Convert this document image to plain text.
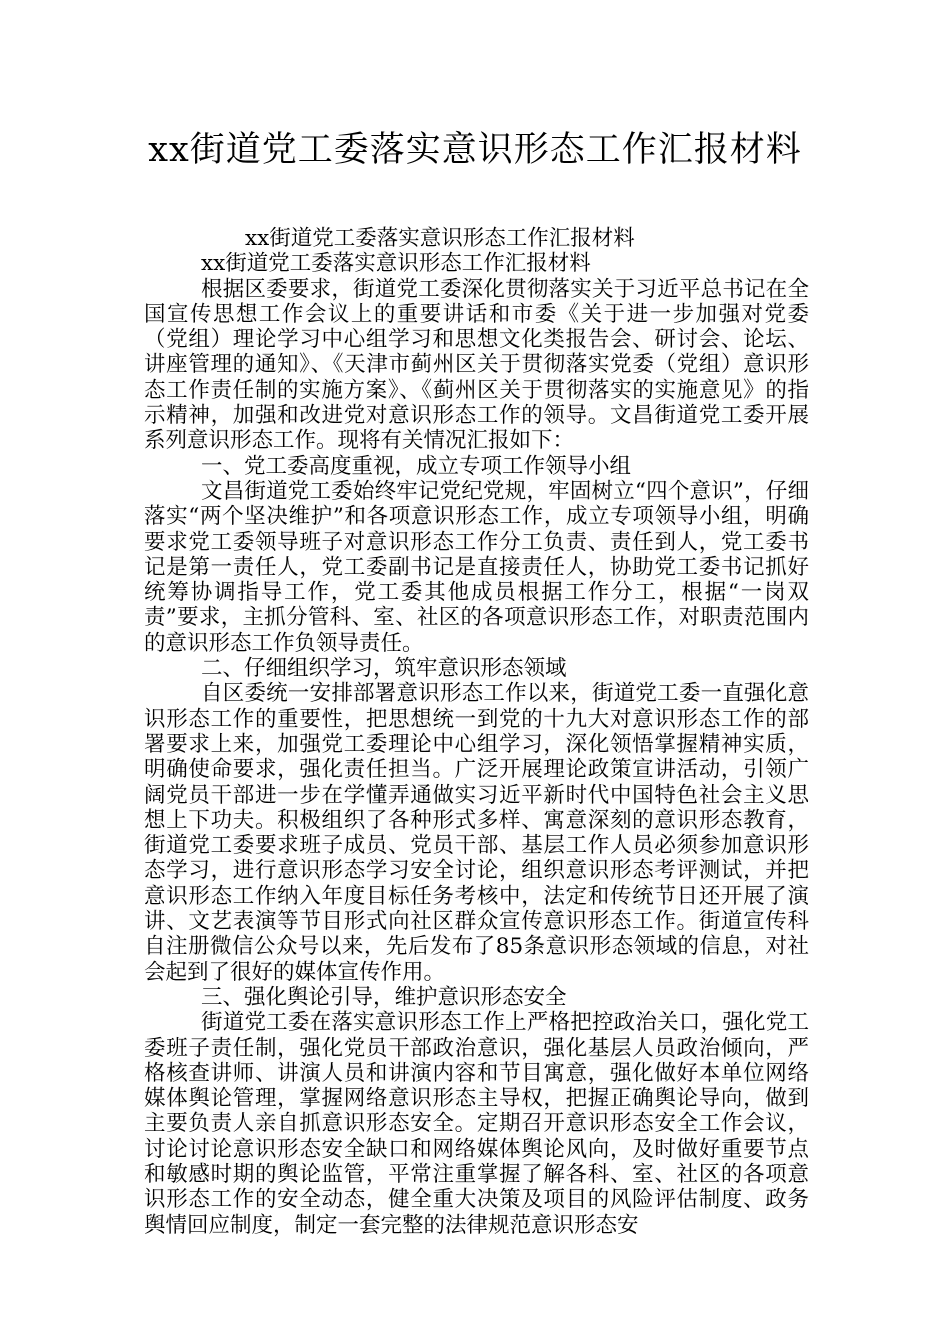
xx街道党工委落实意识形态工作汇报材料

xx街道党工委落实意识形态工作汇报材料

xx街道党工委落实意识形态工作汇报材料

根据区委要求，街道党工委深化贯彻落实关于习近平总书记在全国宣传思想工作会议上的重要讲话和市委《关于进一步加强对党委（党组）理论学习中心组学习和思想文化类报告会、研讨会、论坛、讲座管理的通知》、《天津市蓟州区关于贯彻落实党委（党组）意识形态工作责任制的实施方案》、《蓟州区关于贯彻落实的实施意见》的指示精神，加强和改进党对意识形态工作的领导。文昌街道党工委开展系列意识形态工作。现将有关情况汇报如下：

一、党工委高度重视，成立专项工作领导小组

文昌街道党工委始终牢记党纪党规，牢固树立“四个意识”，仔细落实“两个坚决维护”和各项意识形态工作，成立专项领导小组，明确要求党工委领导班子对意识形态工作分工负责、责任到人，党工委书记是第一责任人，党工委副书记是直接责任人，协助党工委书记抓好统筹协调指导工作，党工委其他成员根据工作分工，根据“一岗双责”要求，主抓分管科、室、社区的各项意识形态工作，对职责范围内的意识形态工作负领导责任。

二、仔细组织学习，筑牢意识形态领域

自区委统一安排部署意识形态工作以来，街道党工委一直强化意识形态工作的重要性，把思想统一到党的十九大对意识形态工作的部署要求上来，加强党工委理论中心组学习，深化领悟掌握精神实质，明确使命要求，强化责任担当。广泛开展理论政策宣讲活动，引领广阔党员干部进一步在学懂弄通做实习近平新时代中国特色社会主义思想上下功夫。积极组织了各种形式多样、寓意深刻的意识形态教育，街道党工委要求班子成员、党员干部、基层工作人员必须参加意识形态学习，进行意识形态学习安全讨论，组织意识形态考评测试，并把意识形态工作纳入年度目标任务考核中，法定和传统节日还开展了演讲、文艺表演等节目形式向社区群众宣传意识形态工作。街道宣传科自注册微信公众号以来，先后发布了85条意识形态领域的信息，对社会起到了很好的媒体宣传作用。

三、强化舆论引导，维护意识形态安全

街道党工委在落实意识形态工作上严格把控政治关口，强化党工委班子责任制，强化党员干部政治意识，强化基层人员政治倾向，严格核查讲师、讲演人员和讲演内容和节目寓意，强化做好本单位网络媒体舆论管理，掌握网络意识形态主导权，把握正确舆论导向，做到主要负责人亲自抓意识形态安全。定期召开意识形态安全工作会议，讨论讨论意识形态安全缺口和网络媒体舆论风向，及时做好重要节点和敏感时期的舆论监管，平常注重掌握了解各科、室、社区的各项意识形态工作的安全动态，健全重大决策及项目的风险评估制度、政务舆情回应制度，制定一套完整的法律规范意识形态安
